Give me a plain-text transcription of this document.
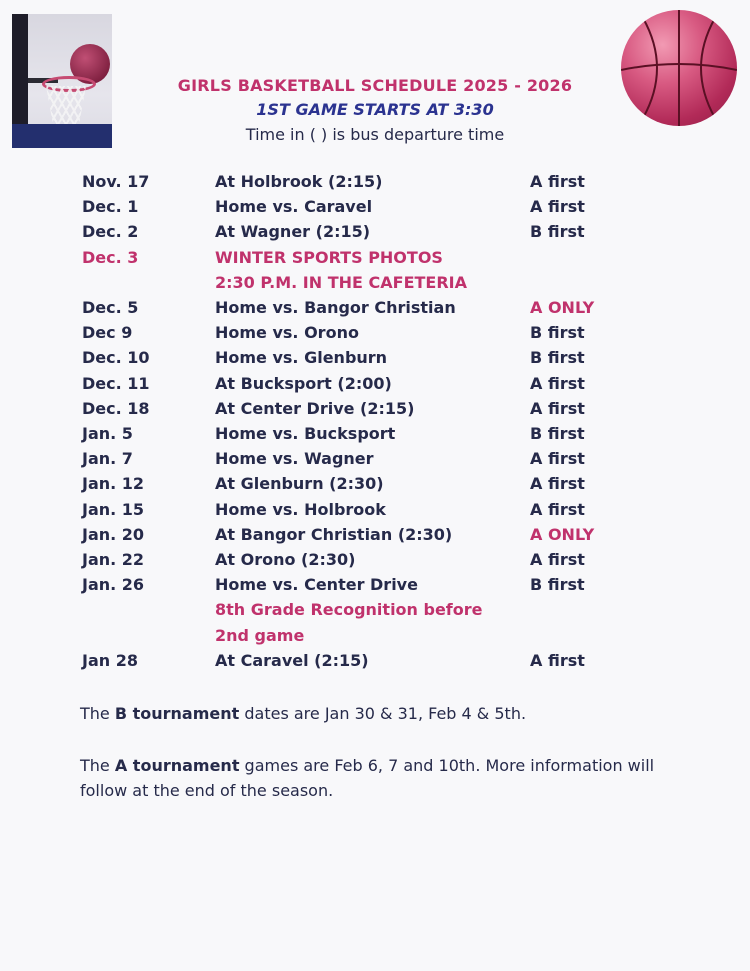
GIRLS BASKETBALL SCHEDULE 2025 - 2026
1ST GAME STARTS AT 3:30
Time in ( ) is bus departure time
Nov. 17	At Holbrook (2:15)	A first
Dec. 1	Home vs. Caravel	A first
Dec. 2	At Wagner (2:15)	B first
Dec. 3	WINTER SPORTS PHOTOS
2:30 P.M. IN THE CAFETERIA
Dec. 5	Home vs. Bangor Christian	A ONLY
Dec 9	Home vs. Orono	B first
Dec. 10	Home vs. Glenburn	B first
Dec. 11	At Bucksport (2:00)	A first
Dec. 18	At Center Drive (2:15)	A first
Jan. 5	Home vs. Bucksport	B first
Jan. 7	Home vs. Wagner	A first
Jan. 12	At Glenburn (2:30)	A first
Jan. 15	Home vs. Holbrook	A first
Jan. 20	At Bangor Christian (2:30)	A ONLY
Jan. 22	At Orono (2:30)	A first
Jan. 26	Home vs. Center Drive	B first
8th Grade Recognition before
2nd game
Jan 28	At Caravel (2:15)	A first
The B tournament dates are Jan 30 & 31, Feb 4 & 5th.
The A tournament games are Feb 6, 7 and 10th. More information will follow at the end of the season.
